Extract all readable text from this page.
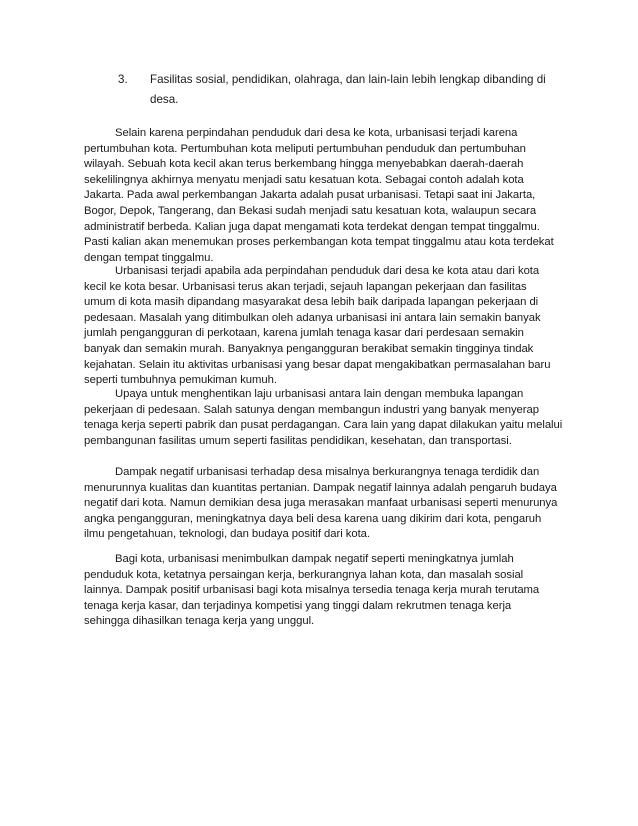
3. Fasilitas sosial, pendidikan, olahraga, dan lain-lain lebih lengkap dibanding di
desa.

Selain karena perpindahan penduduk dari desa ke kota, urbanisasi terjadi karena
pertumbuhan kota. Pertumbuhan kota meliputi pertumbuhan penduduk dan pertumbuhan
wilayah. Sebuah kota kecil akan terus berkembang hingga menyebabkan daerah-daerah
sekelilingnya akhirnya menyatu menjadi satu kesatuan kota. Sebagai contoh adalah kota
Jakarta. Pada awal perkembangan Jakarta adalah pusat urbanisasi. Tetapi saat ini Jakarta,
Bogor, Depok, Tangerang, dan Bekasi sudah menjadi satu kesatuan kota, walaupun secara
administratif berbeda. Kalian juga dapat mengamati kota terdekat dengan tempat tinggalmu.
Pasti kalian akan menemukan proses perkembangan kota tempat tinggalmu atau kota terdekat
dengan tempat tinggalmu.

Urbanisasi terjadi apabila ada perpindahan penduduk dari desa ke kota atau dari kota
kecil ke kota besar. Urbanisasi terus akan terjadi, sejauh lapangan pekerjaan dan fasilitas
umum di kota masih dipandang masyarakat desa lebih baik daripada lapangan pekerjaan di
pedesaan. Masalah yang ditimbulkan oleh adanya urbanisasi ini antara lain semakin banyak
jumlah pengangguran di perkotaan, karena jumlah tenaga kasar dari perdesaan semakin
banyak dan semakin murah. Banyaknya pengangguran berakibat semakin tingginya tindak
kejahatan. Selain itu aktivitas urbanisasi yang besar dapat mengakibatkan permasalahan baru
seperti tumbuhnya pemukiman kumuh.

Upaya untuk menghentikan laju urbanisasi antara lain dengan membuka lapangan
pekerjaan di pedesaan. Salah satunya dengan membangun industri yang banyak menyerap
tenaga kerja seperti pabrik dan pusat perdagangan. Cara lain yang dapat dilakukan yaitu melalui
pembangunan fasilitas umum seperti fasilitas pendidikan, kesehatan, dan transportasi.

Dampak negatif urbanisasi terhadap desa misalnya berkurangnya tenaga terdidik dan
menurunnya kualitas dan kuantitas pertanian. Dampak negatif lainnya adalah pengaruh budaya
negatif dari kota. Namun demikian desa juga merasakan manfaat urbanisasi seperti menurunya
angka pengangguran, meningkatnya daya beli desa karena uang dikirim dari kota, pengaruh
ilmu pengetahuan, teknologi, dan budaya positif dari kota.

Bagi kota, urbanisasi menimbulkan dampak negatif seperti meningkatnya jumlah
penduduk kota, ketatnya persaingan kerja, berkurangnya lahan kota, dan masalah sosial
lainnya. Dampak positif urbanisasi bagi kota misalnya tersedia tenaga kerja murah terutama
tenaga kerja kasar, dan terjadinya kompetisi yang tinggi dalam rekrutmen tenaga kerja
sehingga dihasilkan tenaga kerja yang unggul.
